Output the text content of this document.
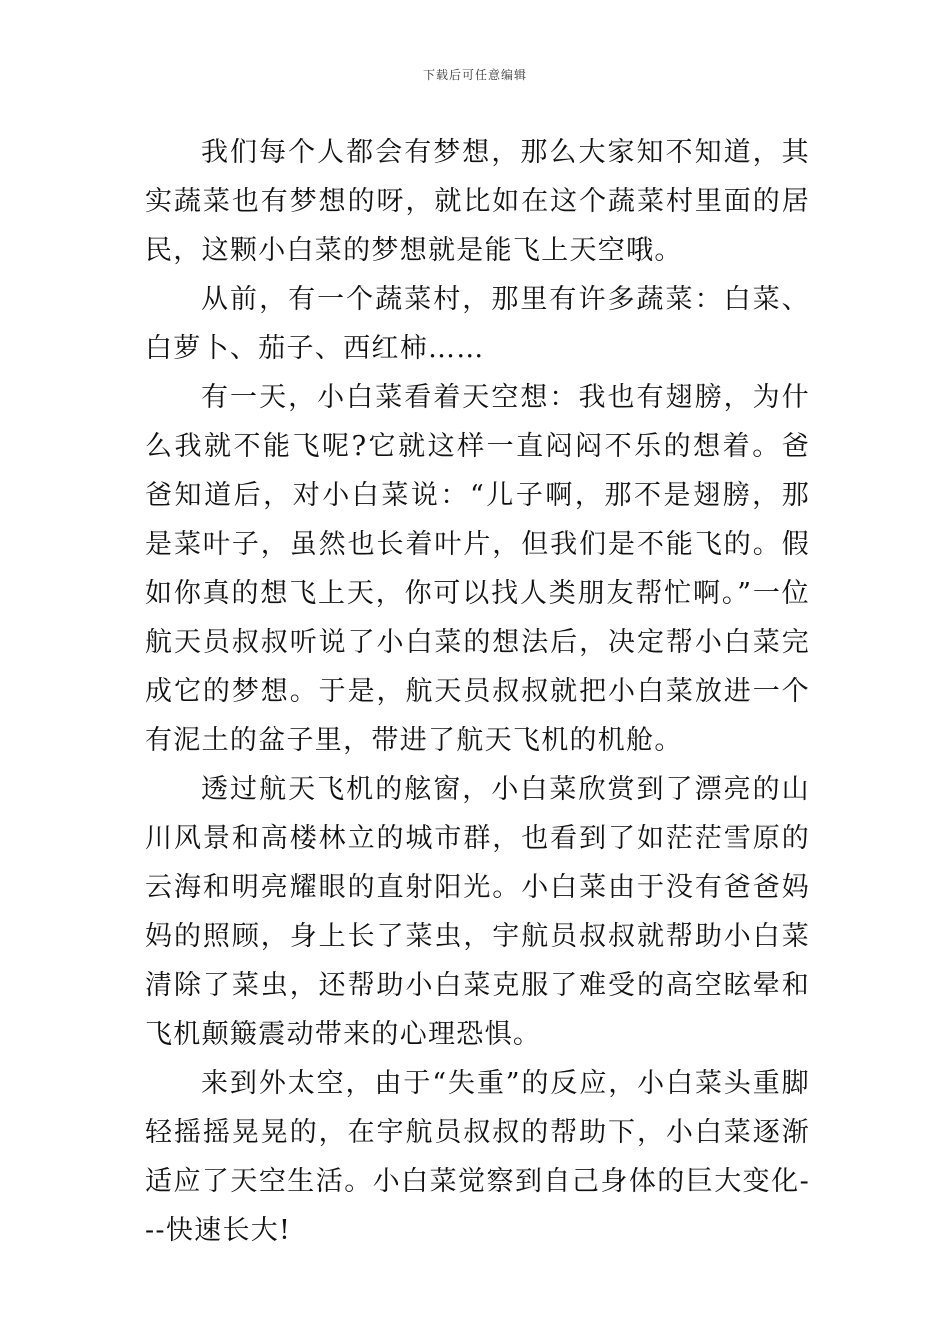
下载后可任意编辑

我们每个人都会有梦想，那么大家知不知道，其实蔬菜也有梦想的呀，就比如在这个蔬菜村里面的居民，这颗小白菜的梦想就是能飞上天空哦。

从前，有一个蔬菜村，那里有许多蔬菜：白菜、白萝卜、茄子、西红柿……

有一天，小白菜看着天空想：我也有翅膀，为什么我就不能飞呢?它就这样一直闷闷不乐的想着。爸爸知道后，对小白菜说：“儿子啊，那不是翅膀，那是菜叶子，虽然也长着叶片，但我们是不能飞的。假如你真的想飞上天，你可以找人类朋友帮忙啊。”一位航天员叔叔听说了小白菜的想法后，决定帮小白菜完成它的梦想。于是，航天员叔叔就把小白菜放进一个有泥土的盆子里，带进了航天飞机的机舱。

透过航天飞机的舷窗，小白菜欣赏到了漂亮的山川风景和高楼林立的城市群，也看到了如茫茫雪原的云海和明亮耀眼的直射阳光。小白菜由于没有爸爸妈妈的照顾，身上长了菜虫，宇航员叔叔就帮助小白菜清除了菜虫，还帮助小白菜克服了难受的高空眩晕和飞机颠簸震动带来的心理恐惧。

来到外太空，由于“失重”的反应，小白菜头重脚轻摇摇晃晃的，在宇航员叔叔的帮助下，小白菜逐渐适应了天空生活。小白菜觉察到自己身体的巨大变化---快速长大!
